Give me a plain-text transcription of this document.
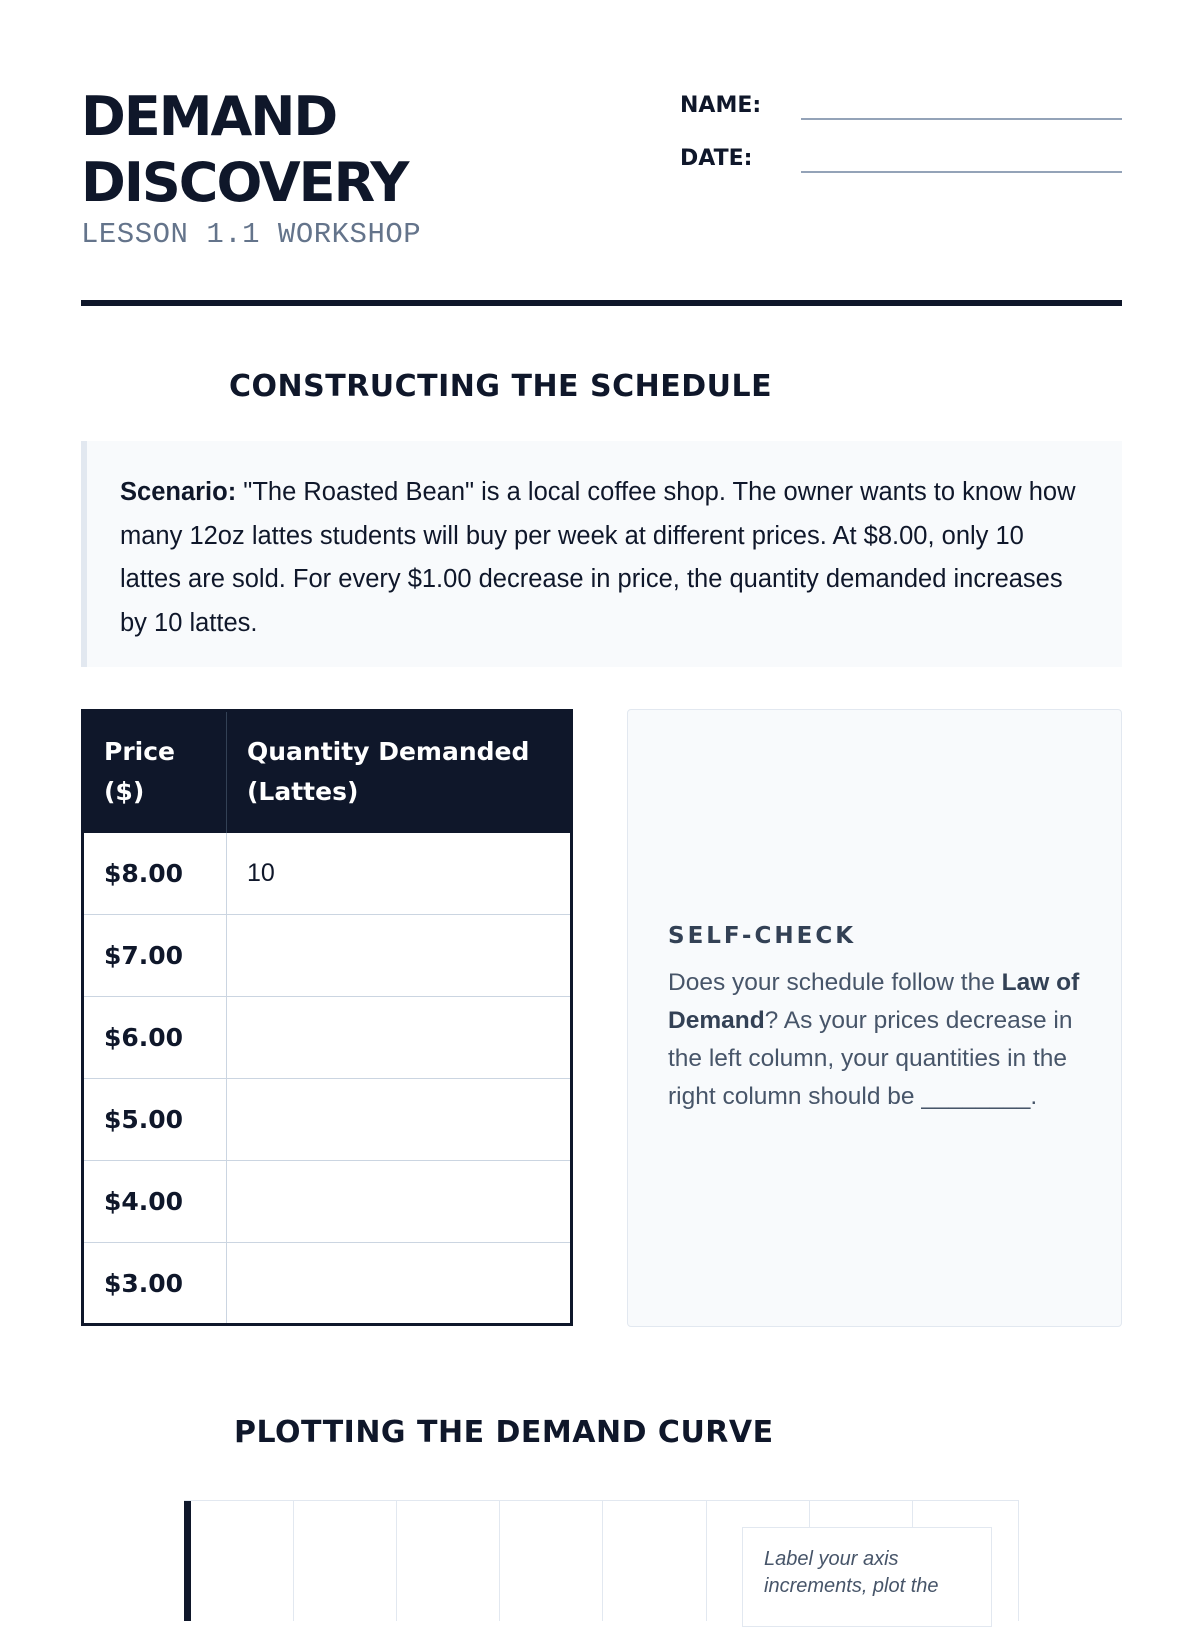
DEMAND
DISCOVERY
LESSON 1.1 WORKSHOP
NAME:
DATE:
CONSTRUCTING THE SCHEDULE
Scenario: "The Roasted Bean" is a local coffee shop. The owner wants to know how many 12oz lattes students will buy per week at different prices. At $8.00, only 10 lattes are sold. For every $1.00 decrease in price, the quantity demanded increases by 10 lattes.
Price
($)	Quantity Demanded
(Lattes)
$8.00	10
$7.00	
$6.00	
$5.00	
$4.00	
$3.00	
SELF-CHECK
Does your schedule follow the Law of Demand? As your prices decrease in the left column, your quantities in the right column should be ________.
PLOTTING THE DEMAND CURVE
Label your axis increments, plot the
